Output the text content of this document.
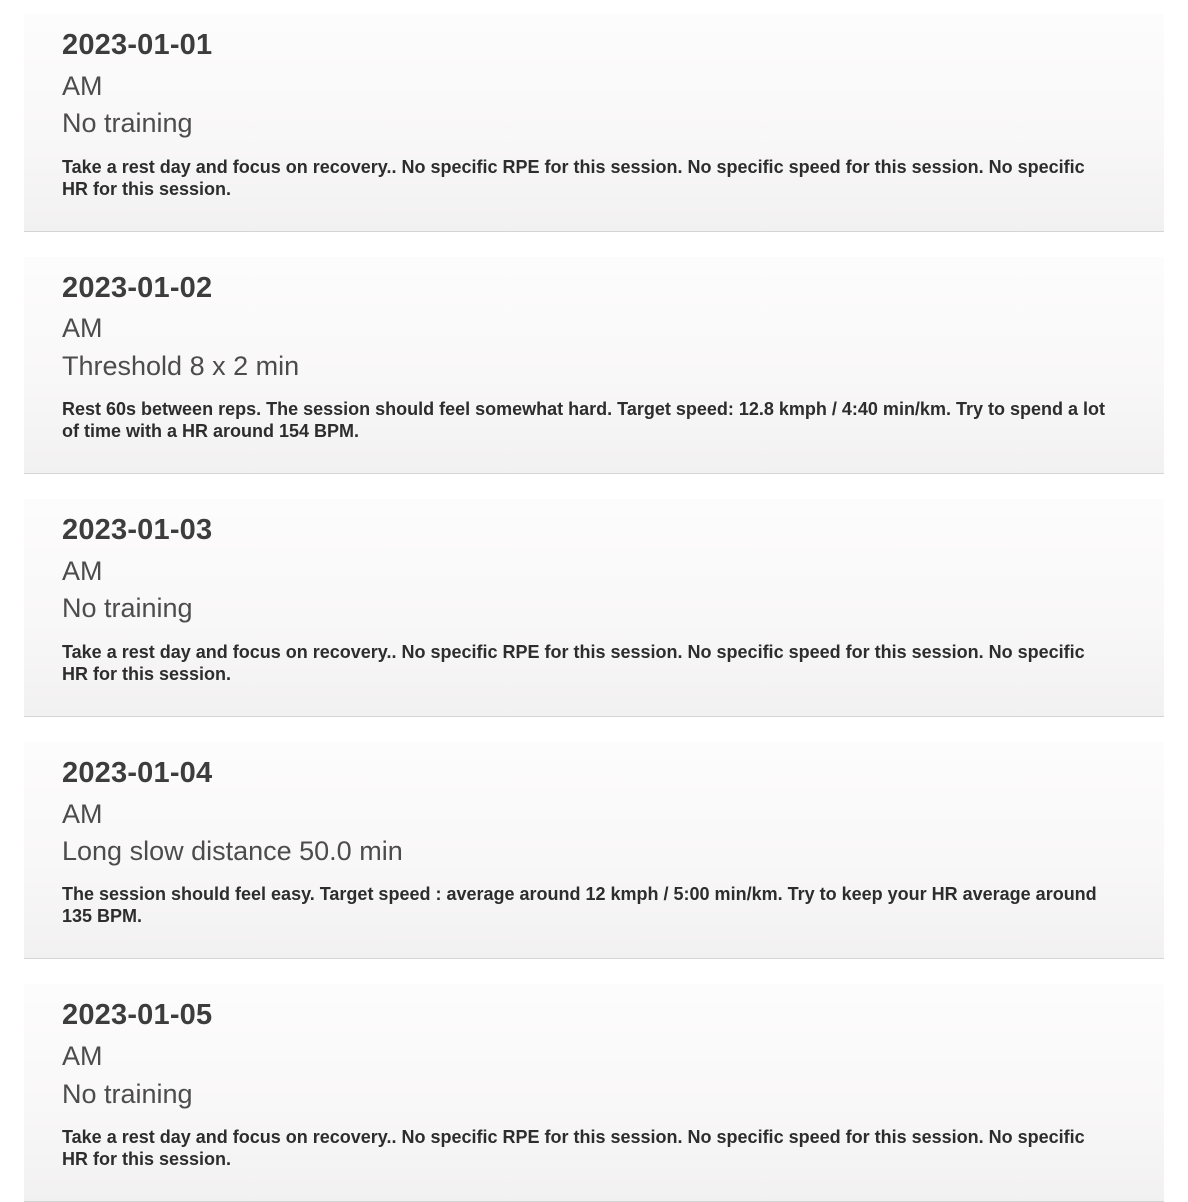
2023-01-01
AM
No training

Take a rest day and focus on recovery.. No specific RPE for this session. No specific speed for this session. No specific HR for this session.

2023-01-02
AM
Threshold 8 x 2 min

Rest 60s between reps. The session should feel somewhat hard. Target speed: 12.8 kmph / 4:40 min/km. Try to spend a lot of time with a HR around 154 BPM.

2023-01-03
AM
No training

Take a rest day and focus on recovery.. No specific RPE for this session. No specific speed for this session. No specific HR for this session.

2023-01-04
AM
Long slow distance 50.0 min

The session should feel easy. Target speed : average around 12 kmph / 5:00 min/km. Try to keep your HR average around 135 BPM.

2023-01-05
AM
No training

Take a rest day and focus on recovery.. No specific RPE for this session. No specific speed for this session. No specific HR for this session.
